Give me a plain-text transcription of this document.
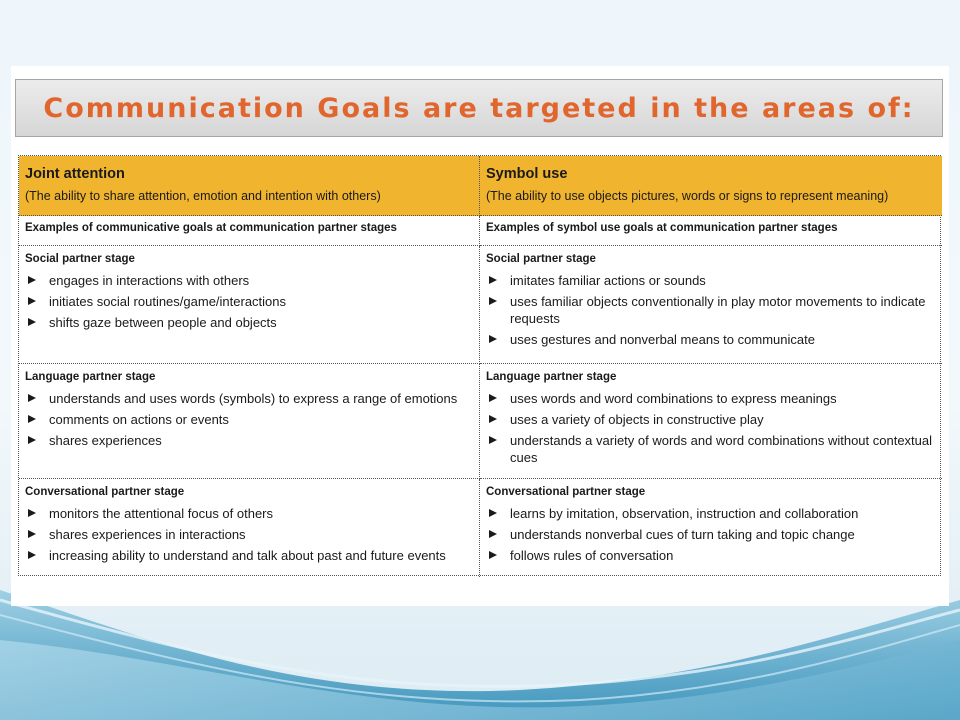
Communication Goals are targeted in the areas of:
Joint attention
(The ability to share attention, emotion and intention with others)
Symbol use
(The ability to use objects pictures, words or signs to represent meaning)
Examples of communicative goals at communication partner stages	Examples of symbol use goals at communication partner stages
Social partner stage
engages in interactions with others
initiates social routines/game/interactions
shifts gaze between people and objects
Social partner stage
imitates familiar actions or sounds
uses familiar objects conventionally in play motor movements to indicate requests
uses gestures and nonverbal means to communicate
Language partner stage
understands and uses words (symbols) to express a range of emotions
comments on actions or events
shares experiences
Language partner stage
uses words and word combinations to express meanings
uses a variety of objects in constructive play
understands a variety of words and word combinations without contextual cues
Conversational partner stage
monitors the attentional focus of others
shares experiences in interactions
increasing ability to understand and talk about past and future events
Conversational partner stage
learns by imitation, observation, instruction and collaboration
understands nonverbal cues of turn taking and topic change
follows rules of conversation
